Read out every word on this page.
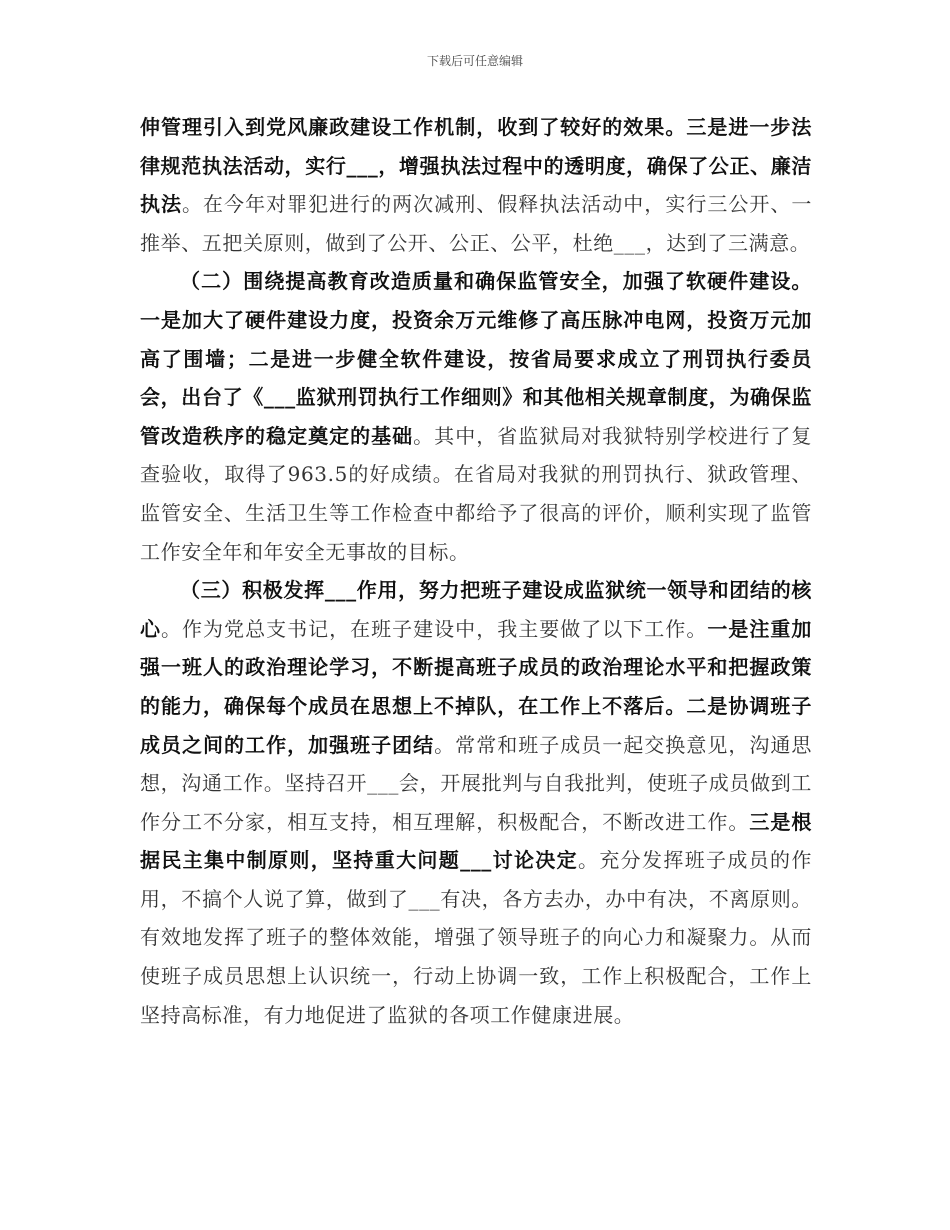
下载后可任意编辑

伸管理引入到党风廉政建设工作机制，收到了较好的效果。三是进一步法律规范执法活动，实行___，增强执法过程中的透明度，确保了公正、廉洁执法。在今年对罪犯进行的两次减刑、假释执法活动中，实行三公开、一推举、五把关原则，做到了公开、公正、公平，杜绝___，达到了三满意。

（二）围绕提高教育改造质量和确保监管安全，加强了软硬件建设。一是加大了硬件建设力度，投资余万元维修了高压脉冲电网，投资万元加高了围墙；二是进一步健全软件建设，按省局要求成立了刑罚执行委员会，出台了《___监狱刑罚执行工作细则》和其他相关规章制度，为确保监管改造秩序的稳定奠定的基础。其中，省监狱局对我狱特别学校进行了复查验收，取得了963.5的好成绩。在省局对我狱的刑罚执行、狱政管理、监管安全、生活卫生等工作检查中都给予了很高的评价，顺利实现了监管工作安全年和年安全无事故的目标。

（三）积极发挥___作用，努力把班子建设成监狱统一领导和团结的核心。作为党总支书记，在班子建设中，我主要做了以下工作。一是注重加强一班人的政治理论学习，不断提高班子成员的政治理论水平和把握政策的能力，确保每个成员在思想上不掉队，在工作上不落后。二是协调班子成员之间的工作，加强班子团结。常常和班子成员一起交换意见，沟通思想，沟通工作。坚持召开___会，开展批判与自我批判，使班子成员做到工作分工不分家，相互支持，相互理解，积极配合，不断改进工作。三是根据民主集中制原则，坚持重大问题___讨论决定。充分发挥班子成员的作用，不搞个人说了算，做到了___有决，各方去办，办中有决，不离原则。有效地发挥了班子的整体效能，增强了领导班子的向心力和凝聚力。从而使班子成员思想上认识统一，行动上协调一致，工作上积极配合，工作上坚持高标准，有力地促进了监狱的各项工作健康进展。
